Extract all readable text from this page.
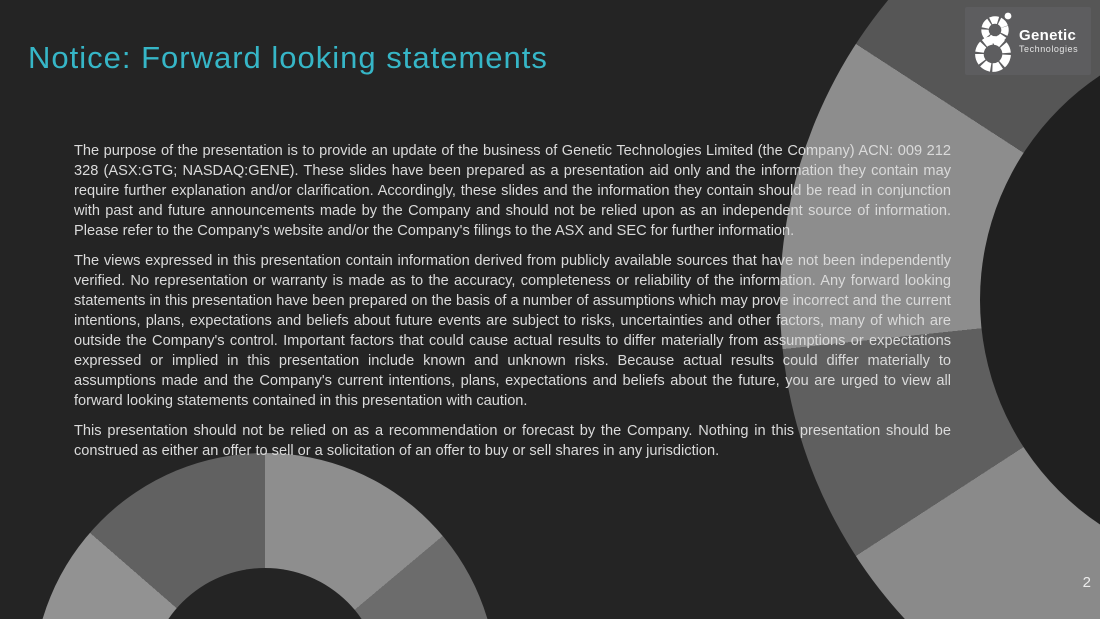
Genetic
Technologies
Notice: Forward looking statements

The purpose of the presentation is to provide an update of the business of Genetic Technologies Limited (the Company) ACN: 009 212 328 (ASX:GTG; NASDAQ:GENE). These slides have been prepared as a presentation aid only and the information they contain may require further explanation and/or clarification. Accordingly, these slides and the information they contain should be read in conjunction with past and future announcements made by the Company and should not be relied upon as an independent source of information. Please refer to the Company's website and/or the Company's filings to the ASX and SEC for further information.

The views expressed in this presentation contain information derived from publicly available sources that have not been independently verified. No representation or warranty is made as to the accuracy, completeness or reliability of the information. Any forward looking statements in this presentation have been prepared on the basis of a number of assumptions which may prove incorrect and the current intentions, plans, expectations and beliefs about future events are subject to risks, uncertainties and other factors, many of which are outside the Company's control. Important factors that could cause actual results to differ materially from assumptions or expectations expressed or implied in this presentation include known and unknown risks. Because actual results could differ materially to assumptions made and the Company's current intentions, plans, expectations and beliefs about the future, you are urged to view all forward looking statements contained in this presentation with caution.

This presentation should not be relied on as a recommendation or forecast by the Company. Nothing in this presentation should be construed as either an offer to sell or a solicitation of an offer to buy or sell shares in any jurisdiction.

2
